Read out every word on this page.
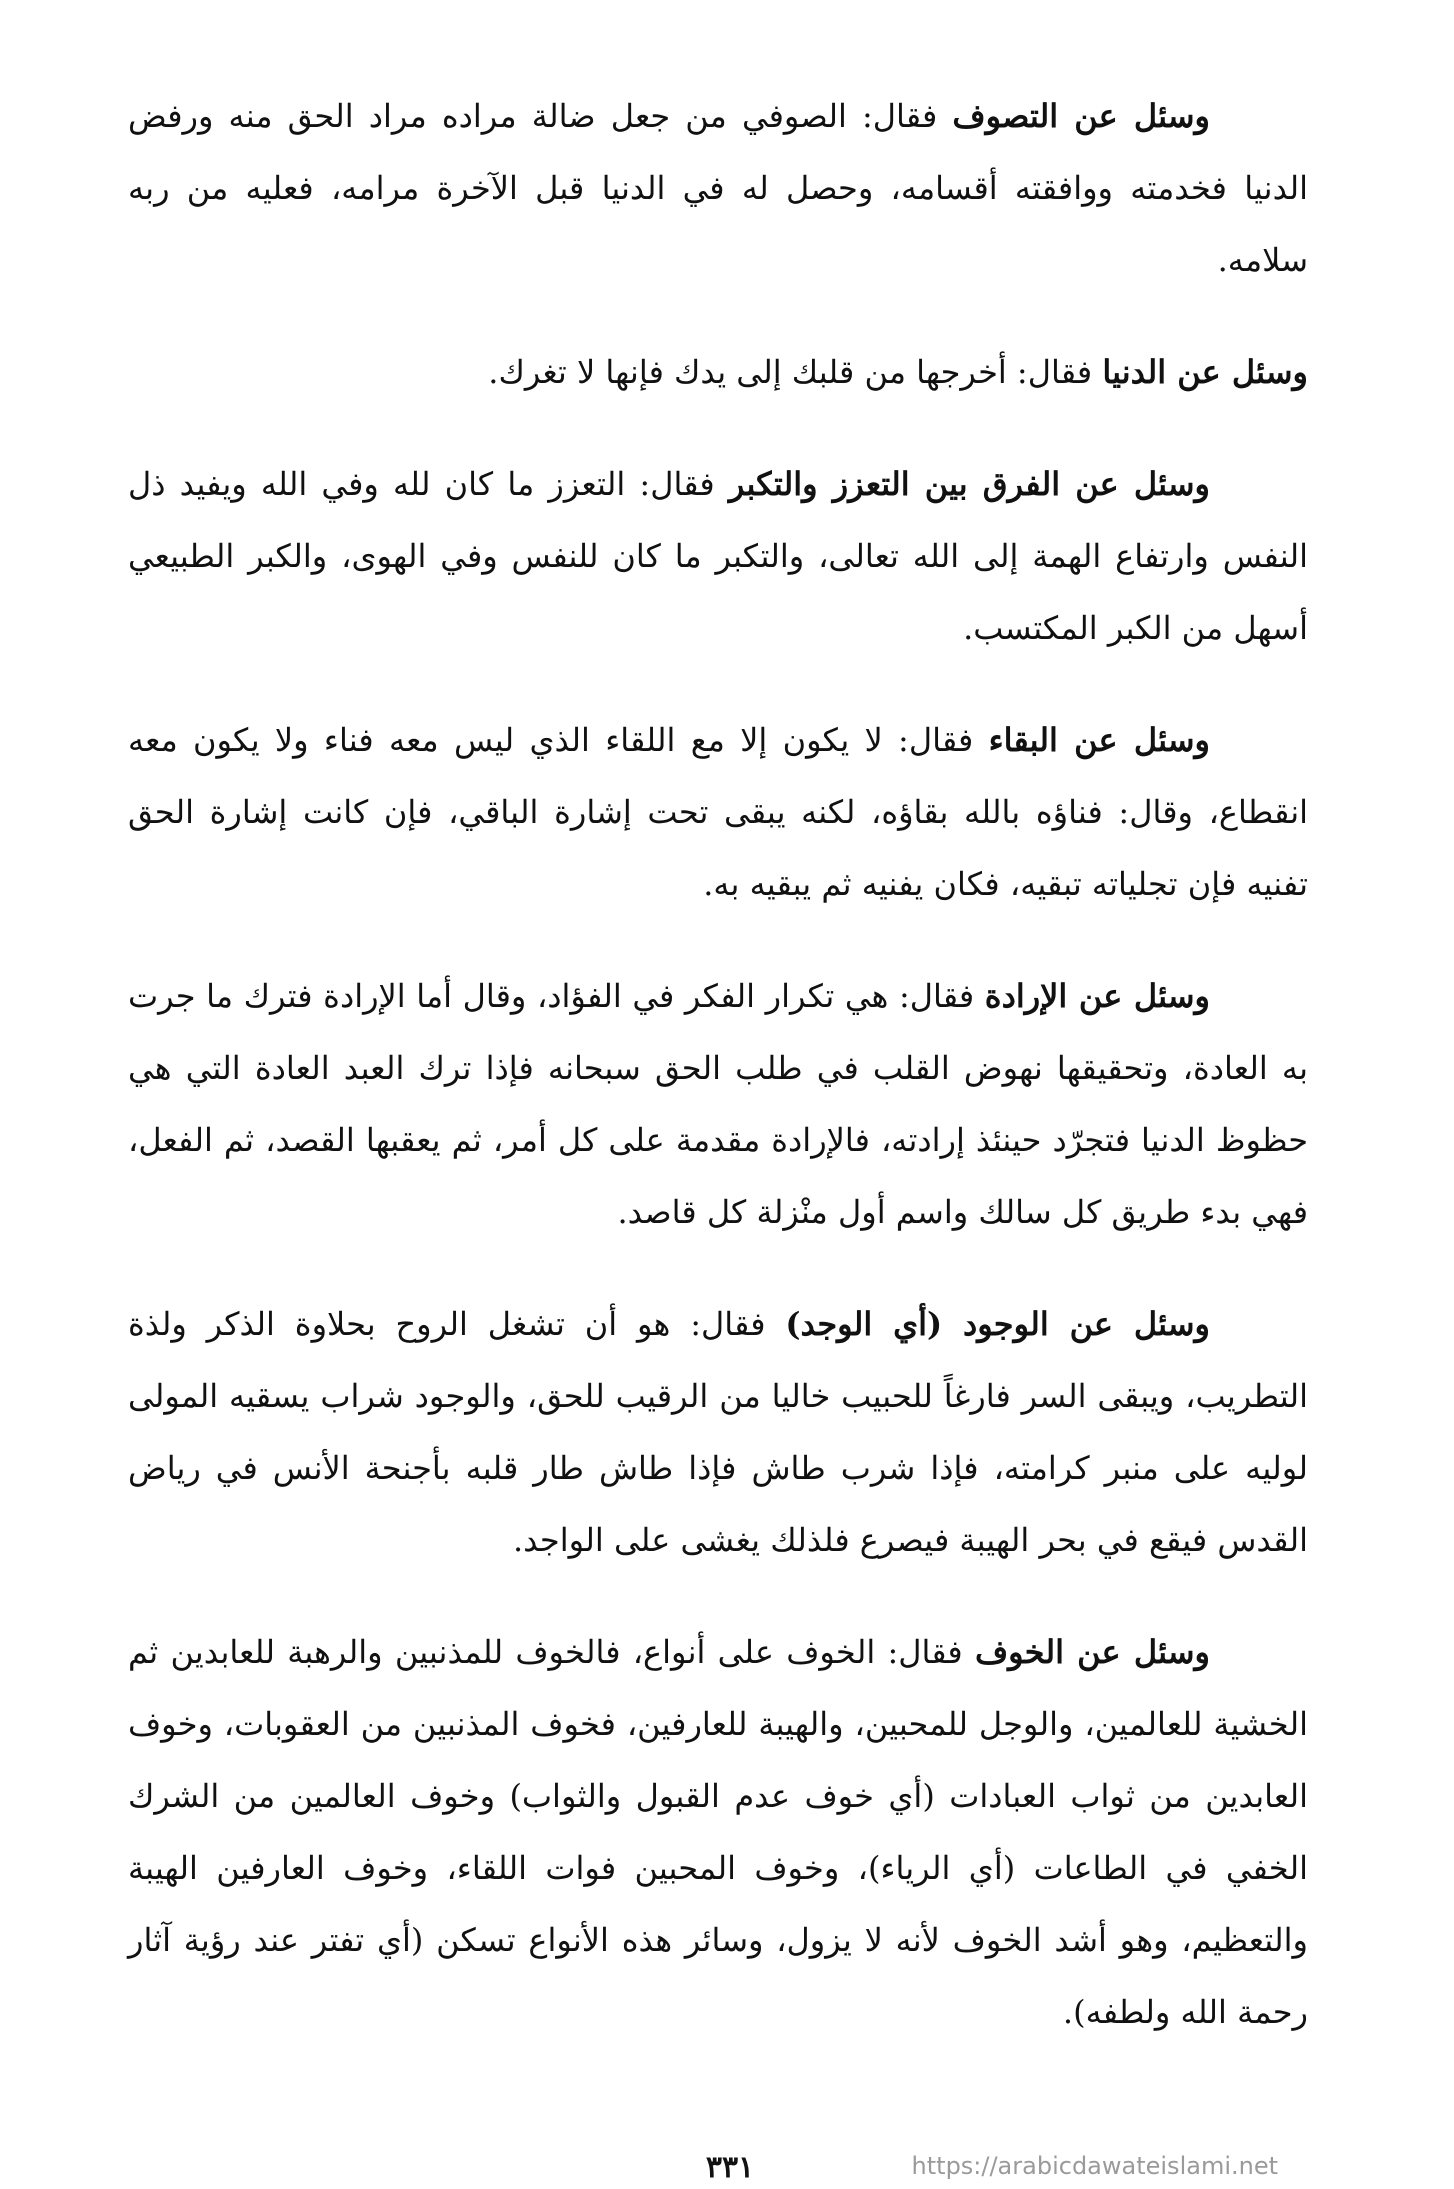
وسئل عن التصوف فقال: الصوفي من جعل ضالة مراده مراد الحق منه ورفض الدنيا فخدمته ووافقته أقسامه، وحصل له في الدنيا قبل الآخرة مرامه، فعليه من ربه سلامه.

وسئل عن الدنيا فقال: أخرجها من قلبك إلى يدك فإنها لا تغرك.

وسئل عن الفرق بين التعزز والتكبر فقال: التعزز ما كان لله وفي الله ويفيد ذل النفس وارتفاع الهمة إلى الله تعالى، والتكبر ما كان للنفس وفي الهوى، والكبر الطبيعي أسهل من الكبر المكتسب.

وسئل عن البقاء فقال: لا يكون إلا مع اللقاء الذي ليس معه فناء ولا يكون معه انقطاع، وقال: فناؤه بالله بقاؤه، لكنه يبقى تحت إشارة الباقي، فإن كانت إشارة الحق تفنيه فإن تجلياته تبقيه، فكان يفنيه ثم يبقيه به.

وسئل عن الإرادة فقال: هي تكرار الفكر في الفؤاد، وقال أما الإرادة فترك ما جرت به العادة، وتحقيقها نهوض القلب في طلب الحق سبحانه فإذا ترك العبد العادة التي هي حظوظ الدنيا فتجرّد حينئذ إرادته، فالإرادة مقدمة على كل أمر، ثم يعقبها القصد، ثم الفعل، فهي بدء طريق كل سالك واسم أول منْزلة كل قاصد.

وسئل عن الوجود (أي الوجد) فقال: هو أن تشغل الروح بحلاوة الذكر ولذة التطريب، ويبقى السر فارغاً للحبيب خاليا من الرقيب للحق، والوجود شراب يسقيه المولى لوليه على منبر كرامته، فإذا شرب طاش فإذا طاش طار قلبه بأجنحة الأنس في رياض القدس فيقع في بحر الهيبة فيصرع فلذلك يغشى على الواجد.

وسئل عن الخوف فقال: الخوف على أنواع، فالخوف للمذنبين والرهبة للعابدين ثم الخشية للعالمين، والوجل للمحبين، والهيبة للعارفين، فخوف المذنبين من العقوبات، وخوف العابدين من ثواب العبادات (أي خوف عدم القبول والثواب) وخوف العالمين من الشرك الخفي في الطاعات (أي الرياء)، وخوف المحبين فوات اللقاء، وخوف العارفين الهيبة والتعظيم، وهو أشد الخوف لأنه لا يزول، وسائر هذه الأنواع تسكن (أي تفتر عند رؤية آثار رحمة الله ولطفه).

٣٣١	https://arabicdawateislami.net
